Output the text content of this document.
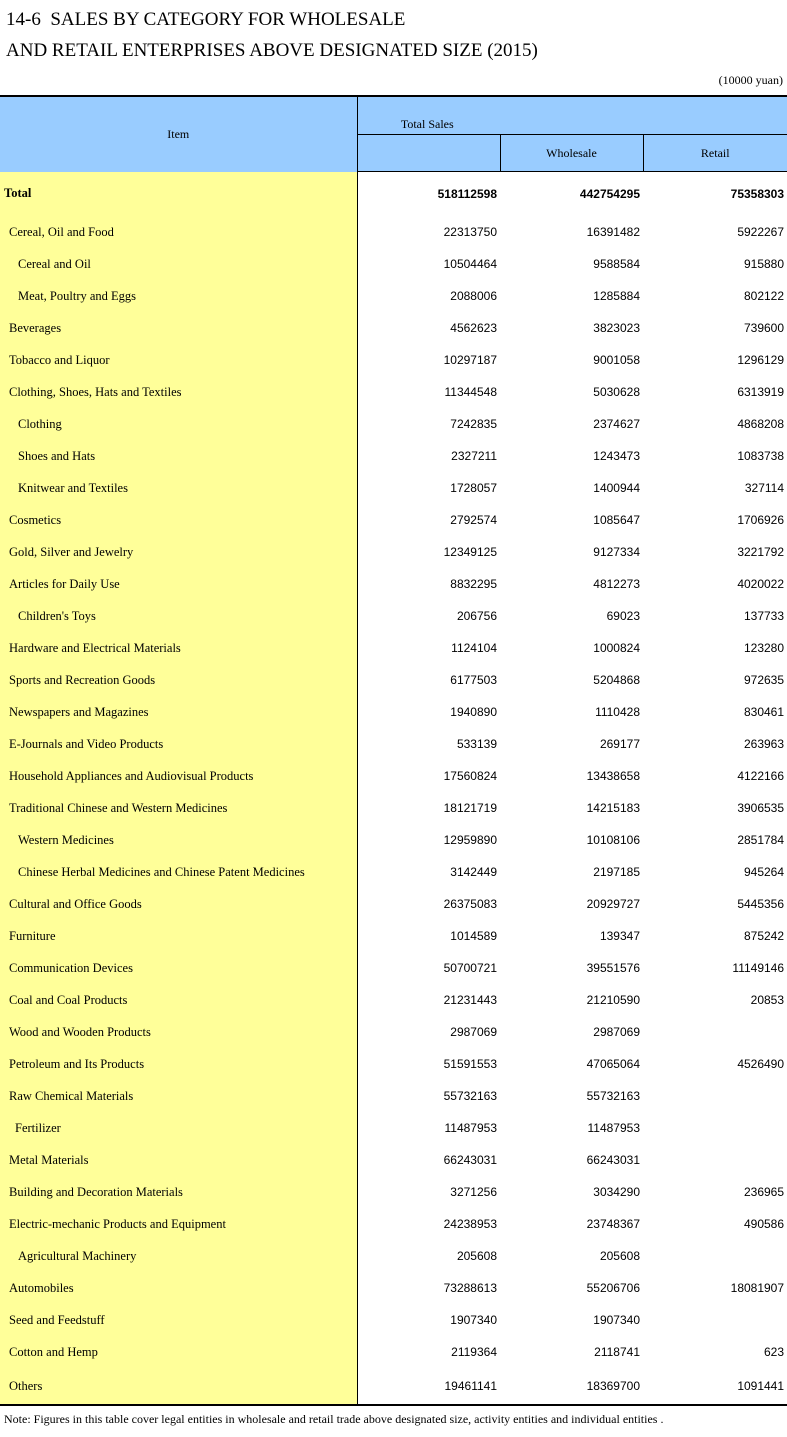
14-6  SALES BY CATEGORY FOR WHOLESALE
AND RETAIL ENTERPRISES ABOVE DESIGNATED SIZE (2015)
(10000 yuan)
Item	Total Sales		
		Wholesale	Retail
Total	518112598	442754295	75358303
Cereal, Oil and Food	22313750	16391482	5922267
Cereal and Oil	10504464	9588584	915880
Meat, Poultry and Eggs	2088006	1285884	802122
Beverages	4562623	3823023	739600
Tobacco and Liquor	10297187	9001058	1296129
Clothing, Shoes, Hats and Textiles	11344548	5030628	6313919
Clothing	7242835	2374627	4868208
Shoes and Hats	2327211	1243473	1083738
Knitwear and Textiles	1728057	1400944	327114
Cosmetics	2792574	1085647	1706926
Gold, Silver and Jewelry	12349125	9127334	3221792
Articles for Daily Use	8832295	4812273	4020022
Children's Toys	206756	69023	137733
Hardware and Electrical Materials	1124104	1000824	123280
Sports and Recreation Goods	6177503	5204868	972635
Newspapers and Magazines	1940890	1110428	830461
E-Journals and Video Products	533139	269177	263963
Household Appliances and Audiovisual Products	17560824	13438658	4122166
Traditional Chinese and Western Medicines	18121719	14215183	3906535
Western Medicines	12959890	10108106	2851784
Chinese Herbal Medicines and Chinese Patent Medicines	3142449	2197185	945264
Cultural and Office Goods	26375083	20929727	5445356
Furniture	1014589	139347	875242
Communication Devices	50700721	39551576	11149146
Coal and Coal Products	21231443	21210590	20853
Wood and Wooden Products	2987069	2987069	
Petroleum and Its Products	51591553	47065064	4526490
Raw Chemical Materials	55732163	55732163	
Fertilizer	11487953	11487953	
Metal Materials	66243031	66243031	
Building and Decoration Materials	3271256	3034290	236965
Electric-mechanic Products and Equipment	24238953	23748367	490586
Agricultural Machinery	205608	205608	
Automobiles	73288613	55206706	18081907
Seed and Feedstuff	1907340	1907340	
Cotton and Hemp	2119364	2118741	623
Others	19461141	18369700	1091441
Note: Figures in this table cover legal entities in wholesale and retail trade above designated size, activity entities and individual entities .
